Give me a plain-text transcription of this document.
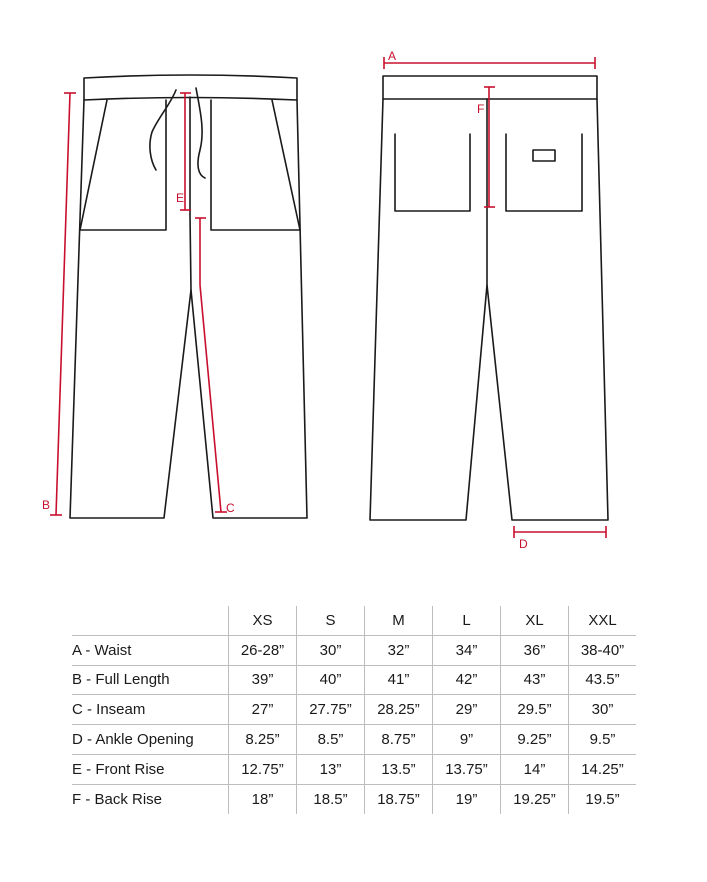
A
B	C
D
E
F
	XS	S	M	L	XL	XXL
A - Waist	26-28”	30”	32”	34”	36”	38-40”
B - Full Length	39”	40”	41”	42”	43”	43.5”
C - Inseam	27”	27.75”	28.25”	29”	29.5”	30”
D - Ankle Opening	8.25”	8.5”	8.75”	9”	9.25”	9.5”
E - Front Rise	12.75”	13”	13.5”	13.75”	14”	14.25”
F - Back Rise	18”	18.5”	18.75”	19”	19.25”	19.5”
